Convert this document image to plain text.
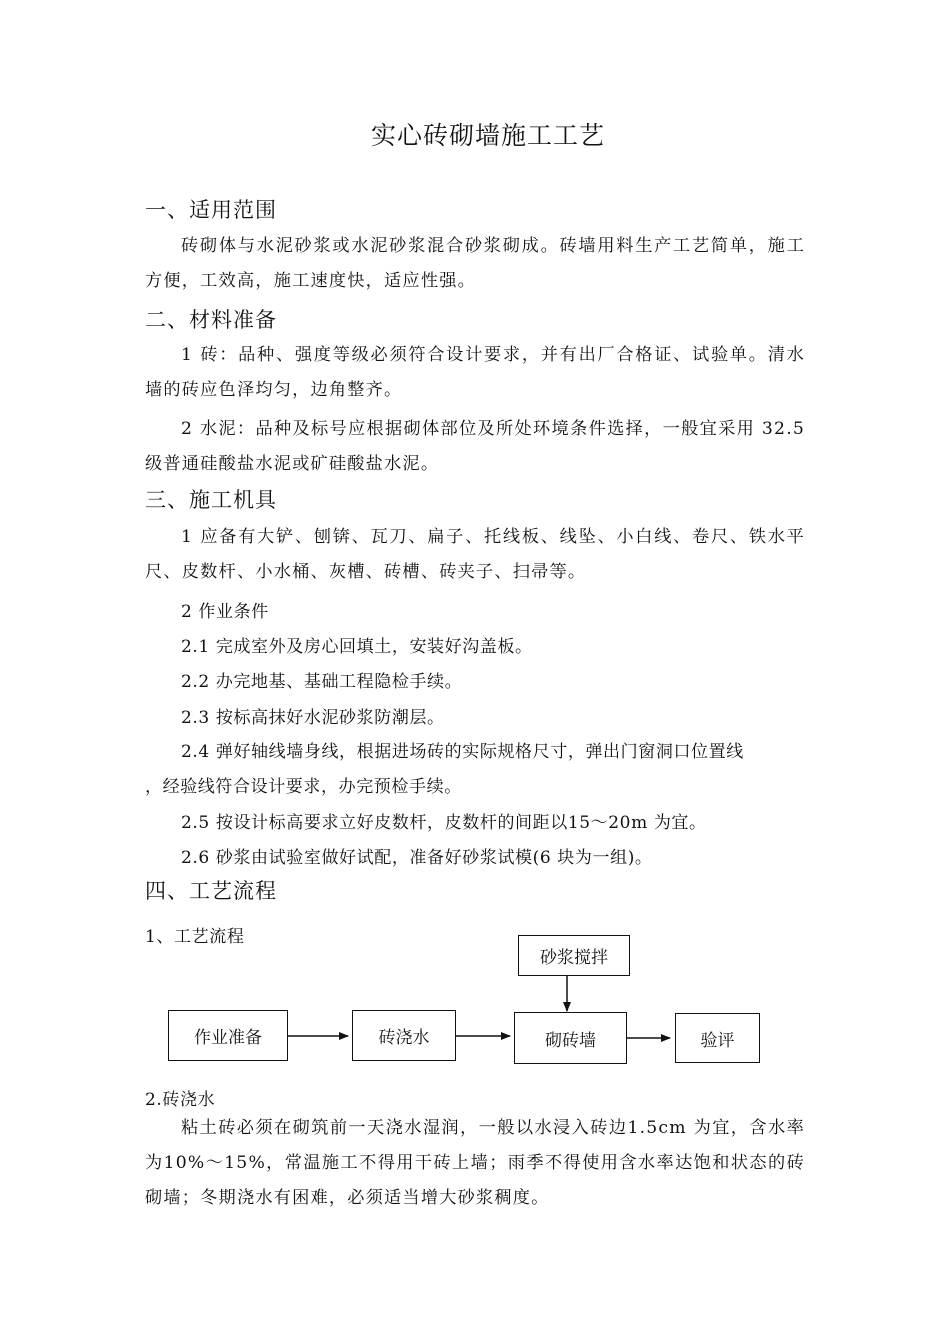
实心砖砌墙施工工艺
一、适用范围
砖砌体与水泥砂浆或水泥砂浆混合砂浆砌成。砖墙用料生产工艺简单，施工方便，工效高，施工速度快，适应性强。
二、材料准备
1 砖：品种、强度等级必须符合设计要求，并有出厂合格证、试验单。清水墙的砖应色泽均匀，边角整齐。
2 水泥：品种及标号应根据砌体部位及所处环境条件选择，一般宜采用 32.5 级普通硅酸盐水泥或矿硅酸盐水泥。
三、施工机具
1 应备有大铲、刨锛、瓦刀、扁子、托线板、线坠、小白线、卷尺、铁水平尺、皮数杆、小水桶、灰槽、砖槽、砖夹子、扫帚等。
2 作业条件
2.1 完成室外及房心回填土，安装好沟盖板。
2.2 办完地基、基础工程隐检手续。
2.3 按标高抹好水泥砂浆防潮层。
2.4 弹好轴线墙身线，根据进场砖的实际规格尺寸，弹出门窗洞口位置线
，经验线符合设计要求，办完预检手续。
2.5 按设计标高要求立好皮数杆，皮数杆的间距以15～20m 为宜。
2.6 砂浆由试验室做好试配，准备好砂浆试模(6 块为一组)。
四、工艺流程
1、工艺流程
作业准备	砖浇水
砂浆搅拌
砌砖墙	验评
2.砖浇水
粘土砖必须在砌筑前一天浇水湿润，一般以水浸入砖边1.5cm 为宜，含水率为10%～15%，常温施工不得用干砖上墙；雨季不得使用含水率达饱和状态的砖砌墙；冬期浇水有困难，必须适当增大砂浆稠度。
